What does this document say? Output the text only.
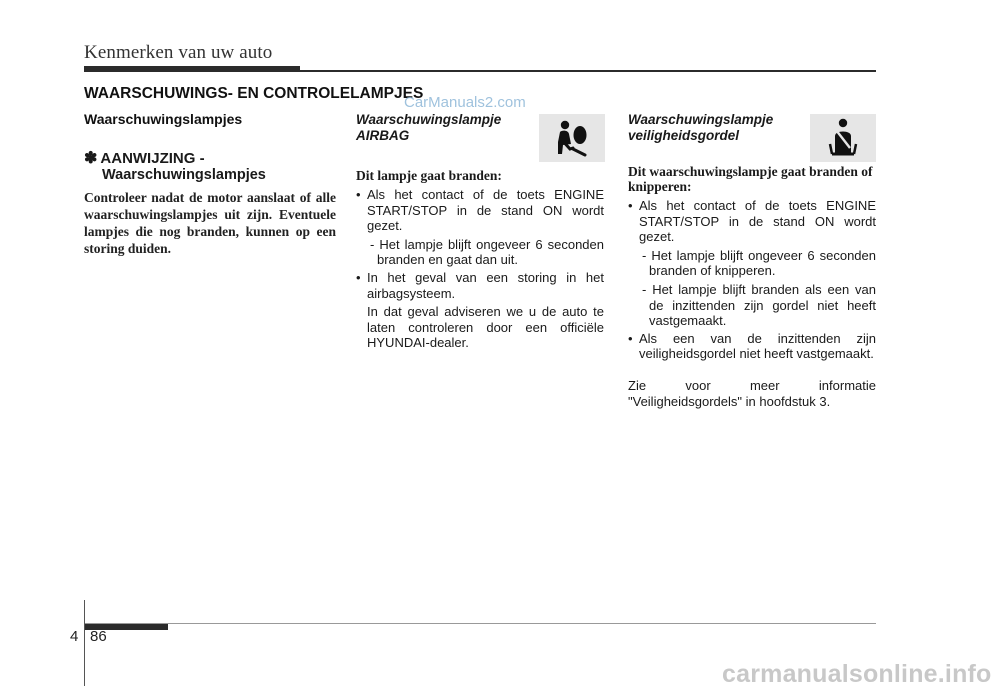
Kenmerken van uw auto
WAARSCHUWINGS- EN CONTROLELAMPJES
CarManuals2.com
Waarschuwingslampjes
✽ AANWIJZING -
Waarschuwingslampjes
Controleer nadat de motor aanslaat of alle waarschuwingslampjes uit zijn. Eventuele lampjes die nog branden, kunnen op een storing duiden.
Waarschuwingslampje
AIRBAG
Dit lampje gaat branden:
• Als het contact of de toets ENGINE START/STOP in de stand ON wordt gezet.
- Het lampje blijft ongeveer 6 seconden branden en gaat dan uit.
• In het geval van een storing in het airbagsysteem.
In dat geval adviseren we u de auto te laten controleren door een officiële HYUNDAI-dealer.
Waarschuwingslampje
veiligheidsgordel
Dit waarschuwingslampje gaat branden of knipperen:
• Als het contact of de toets ENGINE START/STOP in de stand ON wordt gezet.
- Het lampje blijft ongeveer 6 seconden branden of knipperen.
- Het lampje blijft branden als een van de inzittenden zijn gordel niet heeft vastgemaakt.
• Als een van de inzittenden zijn veiligheidsgordel niet heeft vastgemaakt.
Zie voor meer informatie
"Veiligheidsgordels" in hoofdstuk 3.
4 86
carmanualsonline.info
